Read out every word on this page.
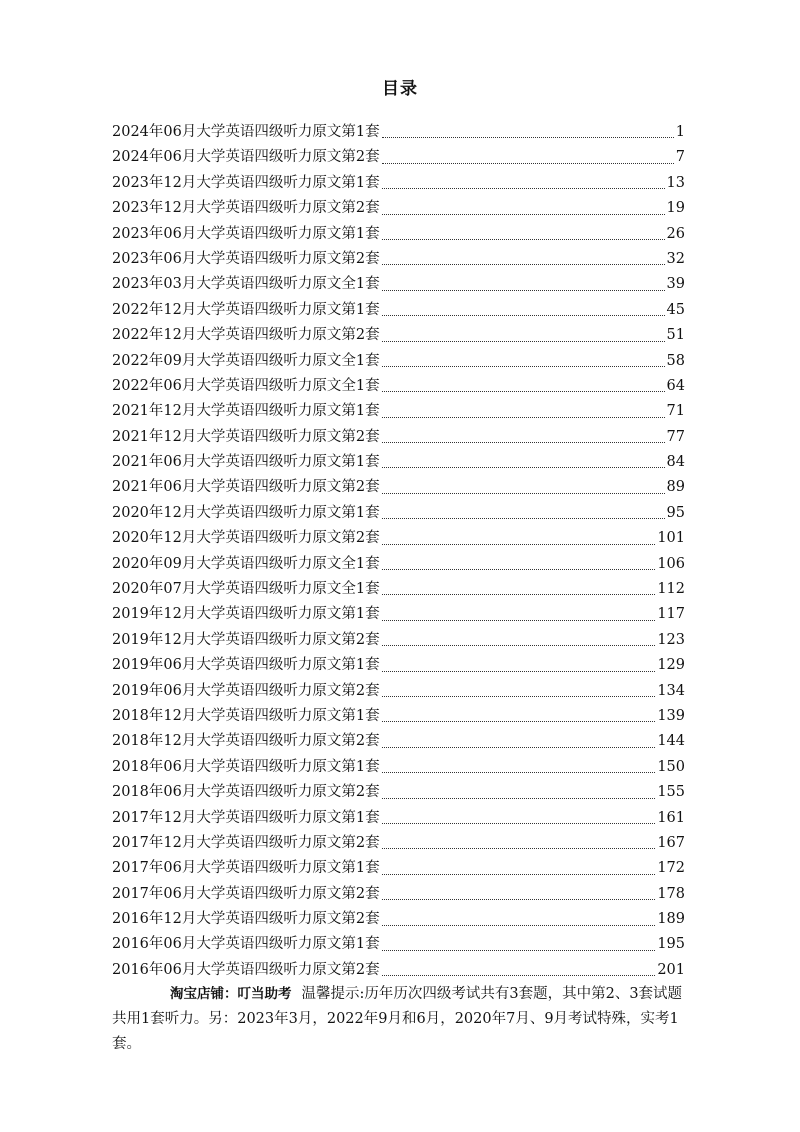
目录
2024年06月大学英语四级听力原文第1套	1
2024年06月大学英语四级听力原文第2套	7
2023年12月大学英语四级听力原文第1套	13
2023年12月大学英语四级听力原文第2套	19
2023年06月大学英语四级听力原文第1套	26
2023年06月大学英语四级听力原文第2套	32
2023年03月大学英语四级听力原文全1套	39
2022年12月大学英语四级听力原文第1套	45
2022年12月大学英语四级听力原文第2套	51
2022年09月大学英语四级听力原文全1套	58
2022年06月大学英语四级听力原文全1套	64
2021年12月大学英语四级听力原文第1套	71
2021年12月大学英语四级听力原文第2套	77
2021年06月大学英语四级听力原文第1套	84
2021年06月大学英语四级听力原文第2套	89
2020年12月大学英语四级听力原文第1套	95
2020年12月大学英语四级听力原文第2套	101
2020年09月大学英语四级听力原文全1套	106
2020年07月大学英语四级听力原文全1套	112
2019年12月大学英语四级听力原文第1套	117
2019年12月大学英语四级听力原文第2套	123
2019年06月大学英语四级听力原文第1套	129
2019年06月大学英语四级听力原文第2套	134
2018年12月大学英语四级听力原文第1套	139
2018年12月大学英语四级听力原文第2套	144
2018年06月大学英语四级听力原文第1套	150
2018年06月大学英语四级听力原文第2套	155
2017年12月大学英语四级听力原文第1套	161
2017年12月大学英语四级听力原文第2套	167
2017年06月大学英语四级听力原文第1套	172
2017年06月大学英语四级听力原文第2套	178
2016年12月大学英语四级听力原文第2套	189
2016年06月大学英语四级听力原文第1套	195
2016年06月大学英语四级听力原文第2套	201
淘宝店铺：叮当助考 温馨提示:历年历次四级考试共有3套题，其中第2、3套试题共用1套听力。另：2023年3月，2022年9月和6月，2020年7月、9月考试特殊，实考1套。
